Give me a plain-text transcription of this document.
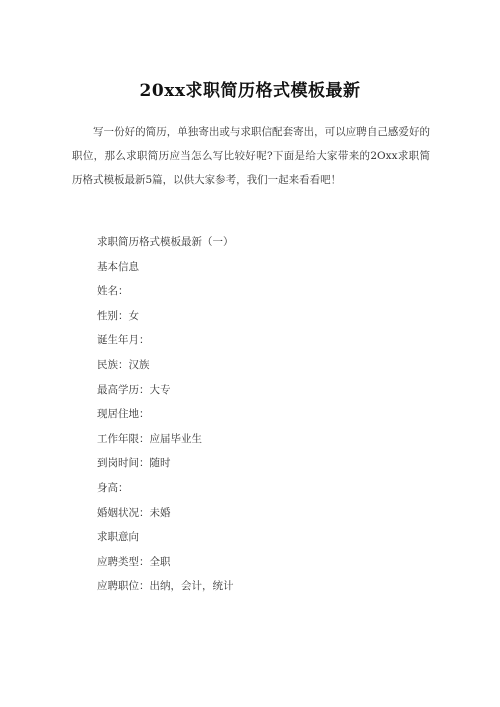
20xx求职简历格式模板最新
写一份好的简历，单独寄出或与求职信配套寄出，可以应聘自己感爱好的职位，那么求职简历应当怎么写比较好呢?下面是给大家带来的2Oxx求职简历格式模板最新5篇，以供大家参考，我们一起来看看吧！
求职简历格式模板最新（一）
基本信息
姓名：
性别：女
诞生年月：
民族：汉族
最高学历：大专
现居住地：
工作年限：应届毕业生
到岗时间：随时
身高：
婚姻状况：未婚
求职意向
应聘类型：全职
应聘职位：出纳，会计，统计
